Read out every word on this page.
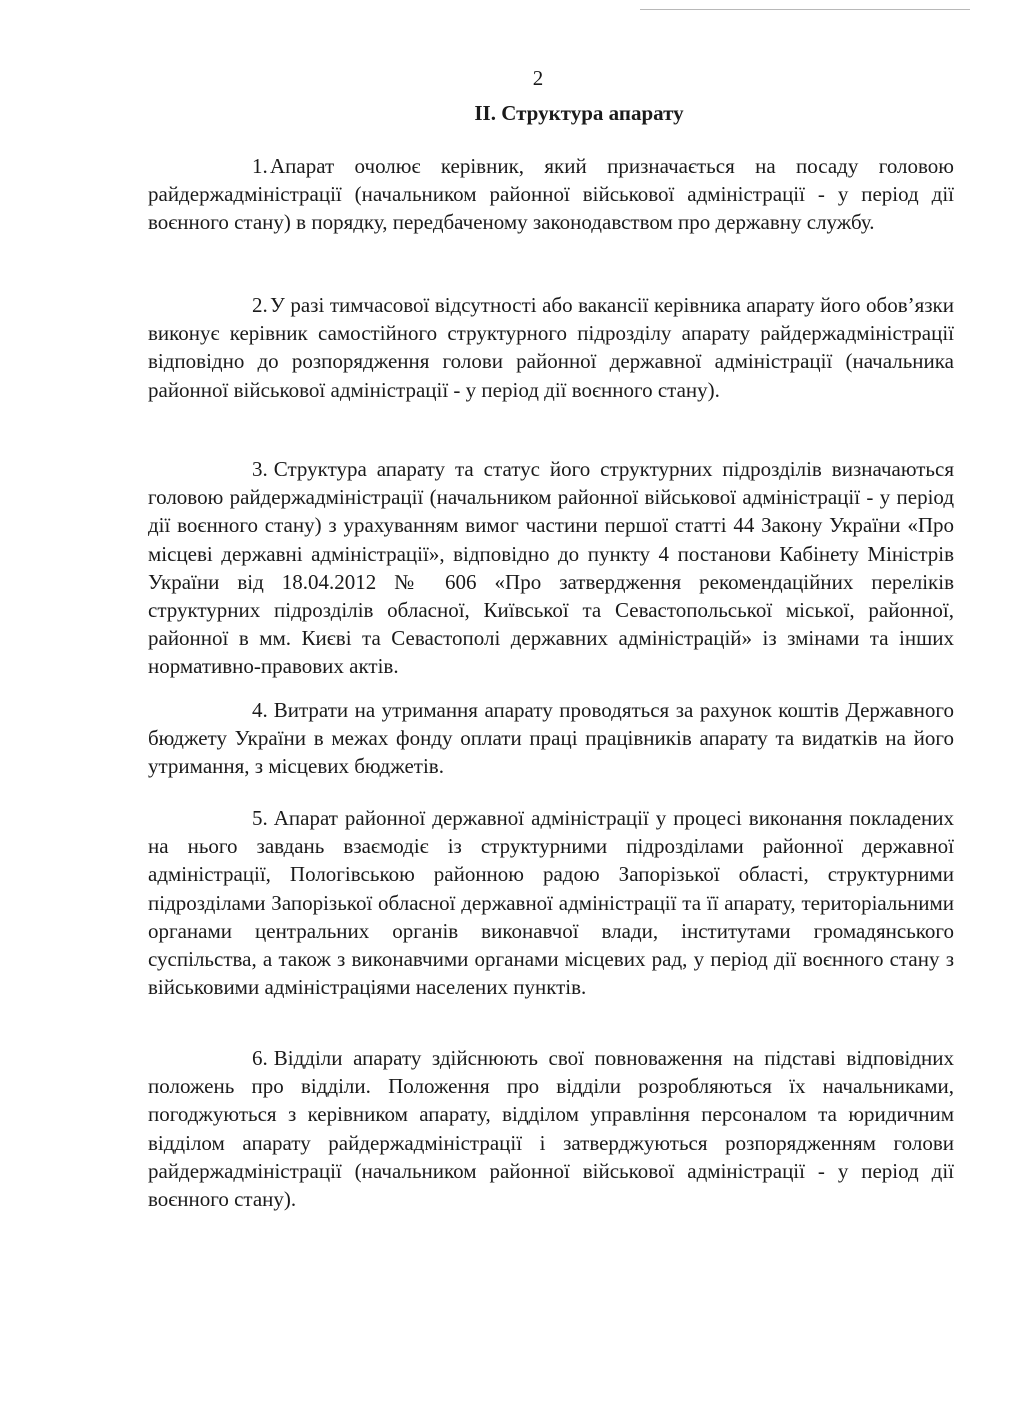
2
ІІ. Структура апарату

1. Апарат очолює керівник, який призначається на посаду головою райдержадміністрації (начальником районної військової адміністрації - у період дії воєнного стану) в порядку, передбаченому законодавством про державну службу.

2. У разі тимчасової відсутності або вакансії керівника апарату його обов’язки виконує керівник самостійного структурного підрозділу апарату райдержадміністрації відповідно до розпорядження голови районної державної адміністрації (начальника районної військової адміністрації - у період дії воєнного стану).

3. Структура апарату та статус його структурних підрозділів визначаються головою райдержадміністрації (начальником районної військової адміністрації - у період дії воєнного стану) з урахуванням вимог частини першої статті 44 Закону України «Про місцеві державні адміністрації», відповідно до пункту 4 постанови Кабінету Міністрів України від 18.04.2012 № 606 «Про затвердження рекомендаційних переліків структурних підрозділів обласної, Київської та Севастопольської міської, районної, районної в мм. Києві та Севастополі державних адміністрацій» із змінами та інших нормативно-правових актів.

4. Витрати на утримання апарату проводяться за рахунок коштів Державного бюджету України в межах фонду оплати праці працівників апарату та видатків на його утримання, з місцевих бюджетів.

5. Апарат районної державної адміністрації у процесі виконання покладених на нього завдань взаємодіє із структурними підрозділами районної державної адміністрації, Пологівською районною радою Запорізької області, структурними підрозділами Запорізької обласної державної адміністрації та її апарату, територіальними органами центральних органів виконавчої влади, інститутами громадянського суспільства, а також з виконавчими органами місцевих рад, у період дії воєнного стану з військовими адміністраціями населених пунктів.

6. Відділи апарату здійснюють свої повноваження на підставі відповідних положень про відділи. Положення про відділи розробляються їх начальниками, погоджуються з керівником апарату, відділом управління персоналом та юридичним відділом апарату райдержадміністрації і затверджуються розпорядженням голови райдержадміністрації (начальником районної військової адміністрації - у період дії воєнного стану).
